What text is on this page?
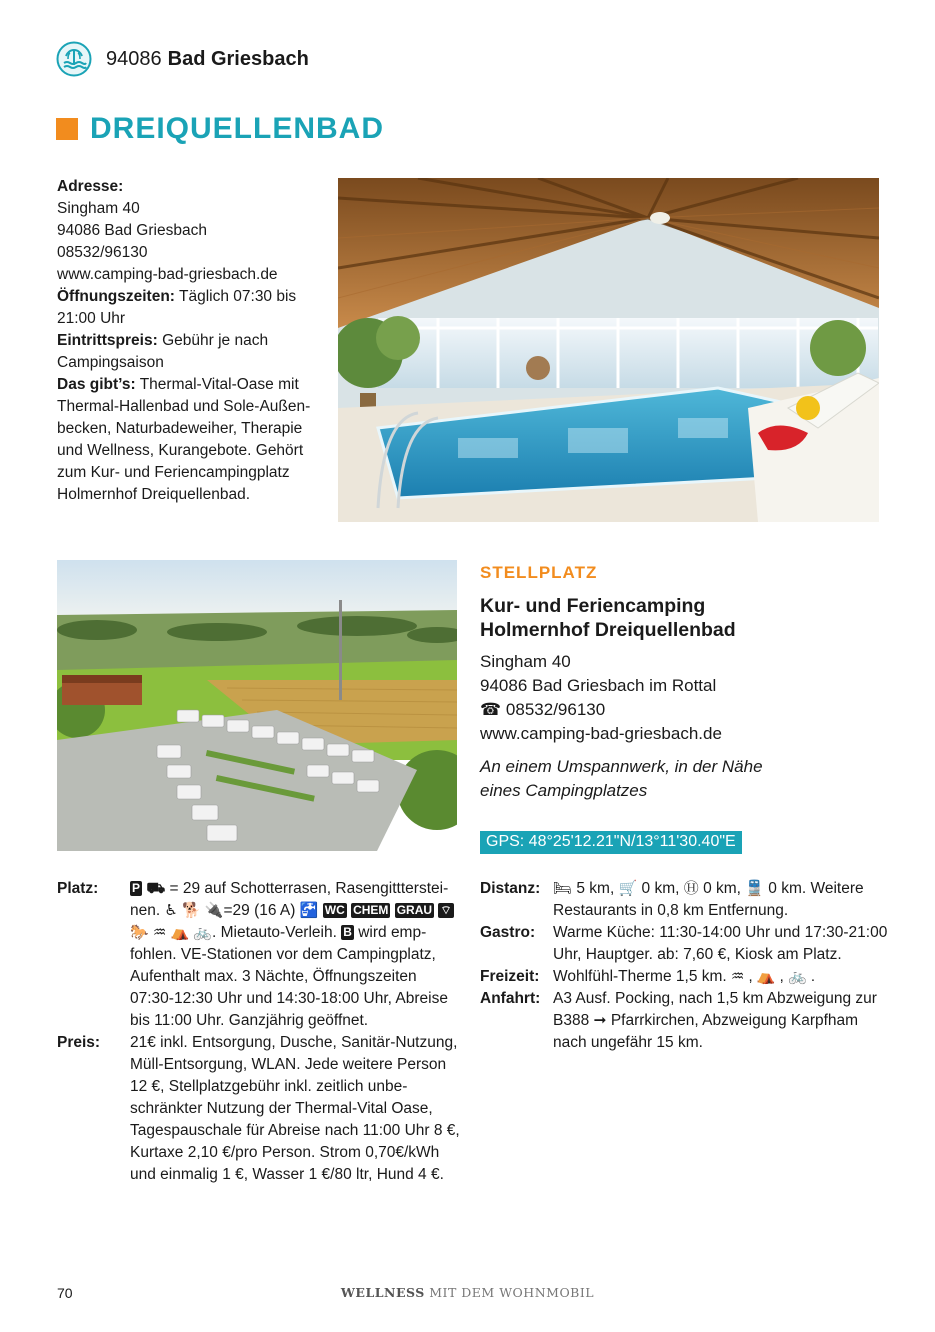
94086 Bad Griesbach
DREIQUELLENBAD
Adresse:
Singham 40
94086 Bad Griesbach
08532/96130
www.camping-bad-griesbach.de
Öffnungszeiten: Täglich 07:30 bis
21:00 Uhr
Eintrittspreis: Gebühr je nach
Campingsaison
Das gibt’s: Thermal-Vital-Oase mit
Thermal-Hallenbad und Sole-Außen-
becken, Naturbadeweiher, Therapie
und Wellness, Kurangebote. Gehört
zum Kur- und Feriencampingplatz
Holmernhof Dreiquellenbad.
STELLPLATZ
Kur- und Feriencamping
Holmernhof Dreiquellenbad
Singham 40
94086 Bad Griesbach im Rottal
☎ 08532/96130
www.camping-bad-griesbach.de
An einem Umspannwerk, in der Nähe
eines Campingplatzes
GPS: 48°25'12.21"N/13°11'30.40"E
Platz:	P ⛟ = 29 auf Schotterrasen, Rasengittterstei-
nen. ♿ 🐕 🔌=29 (16 A) 🚰 WC CHEM GRAU ⌔
🐎 ♒ ⛺ 🚲. Mietauto-Verleih. B wird emp-
fohlen. VE-Stationen vor dem Campingplatz,
Aufenthalt max. 3 Nächte, Öffnungszeiten
07:30-12:30 Uhr und 14:30-18:00 Uhr, Abreise
bis 11:00 Uhr. Ganzjährig geöffnet.
Preis:	21€ inkl. Entsorgung, Dusche, Sanitär-Nutzung,
Müll-Entsorgung, WLAN. Jede weitere Person
12 €, Stellplatzgebühr inkl. zeitlich unbe-
schränkter Nutzung der Thermal-Vital Oase,
Tagespauschale für Abreise nach 11:00 Uhr 8 €,
Kurtaxe 2,10 €/pro Person. Strom 0,70€/kWh
und einmalig 1 €, Wasser 1 €/80 ltr, Hund 4 €.
Distanz: 🛏 5 km, 🛒 0 km, Ⓗ 0 km, 🚆 0 km. Weitere
Restaurants in 0,8 km Entfernung.
Gastro:	Warme Küche: 11:30-14:00 Uhr und 17:30-21:00
Uhr, Hauptger. ab: 7,60 €, Kiosk am Platz.
Freizeit: Wohlfühl-Therme 1,5 km. ♒ , ⛺ , 🚲 .
Anfahrt: A3 Ausf. Pocking, nach 1,5 km Abzweigung zur
B388 ➞ Pfarrkirchen, Abzweigung Karpfham
nach ungefähr 15 km.
70	WELLNESS MIT DEM WOHNMOBIL
